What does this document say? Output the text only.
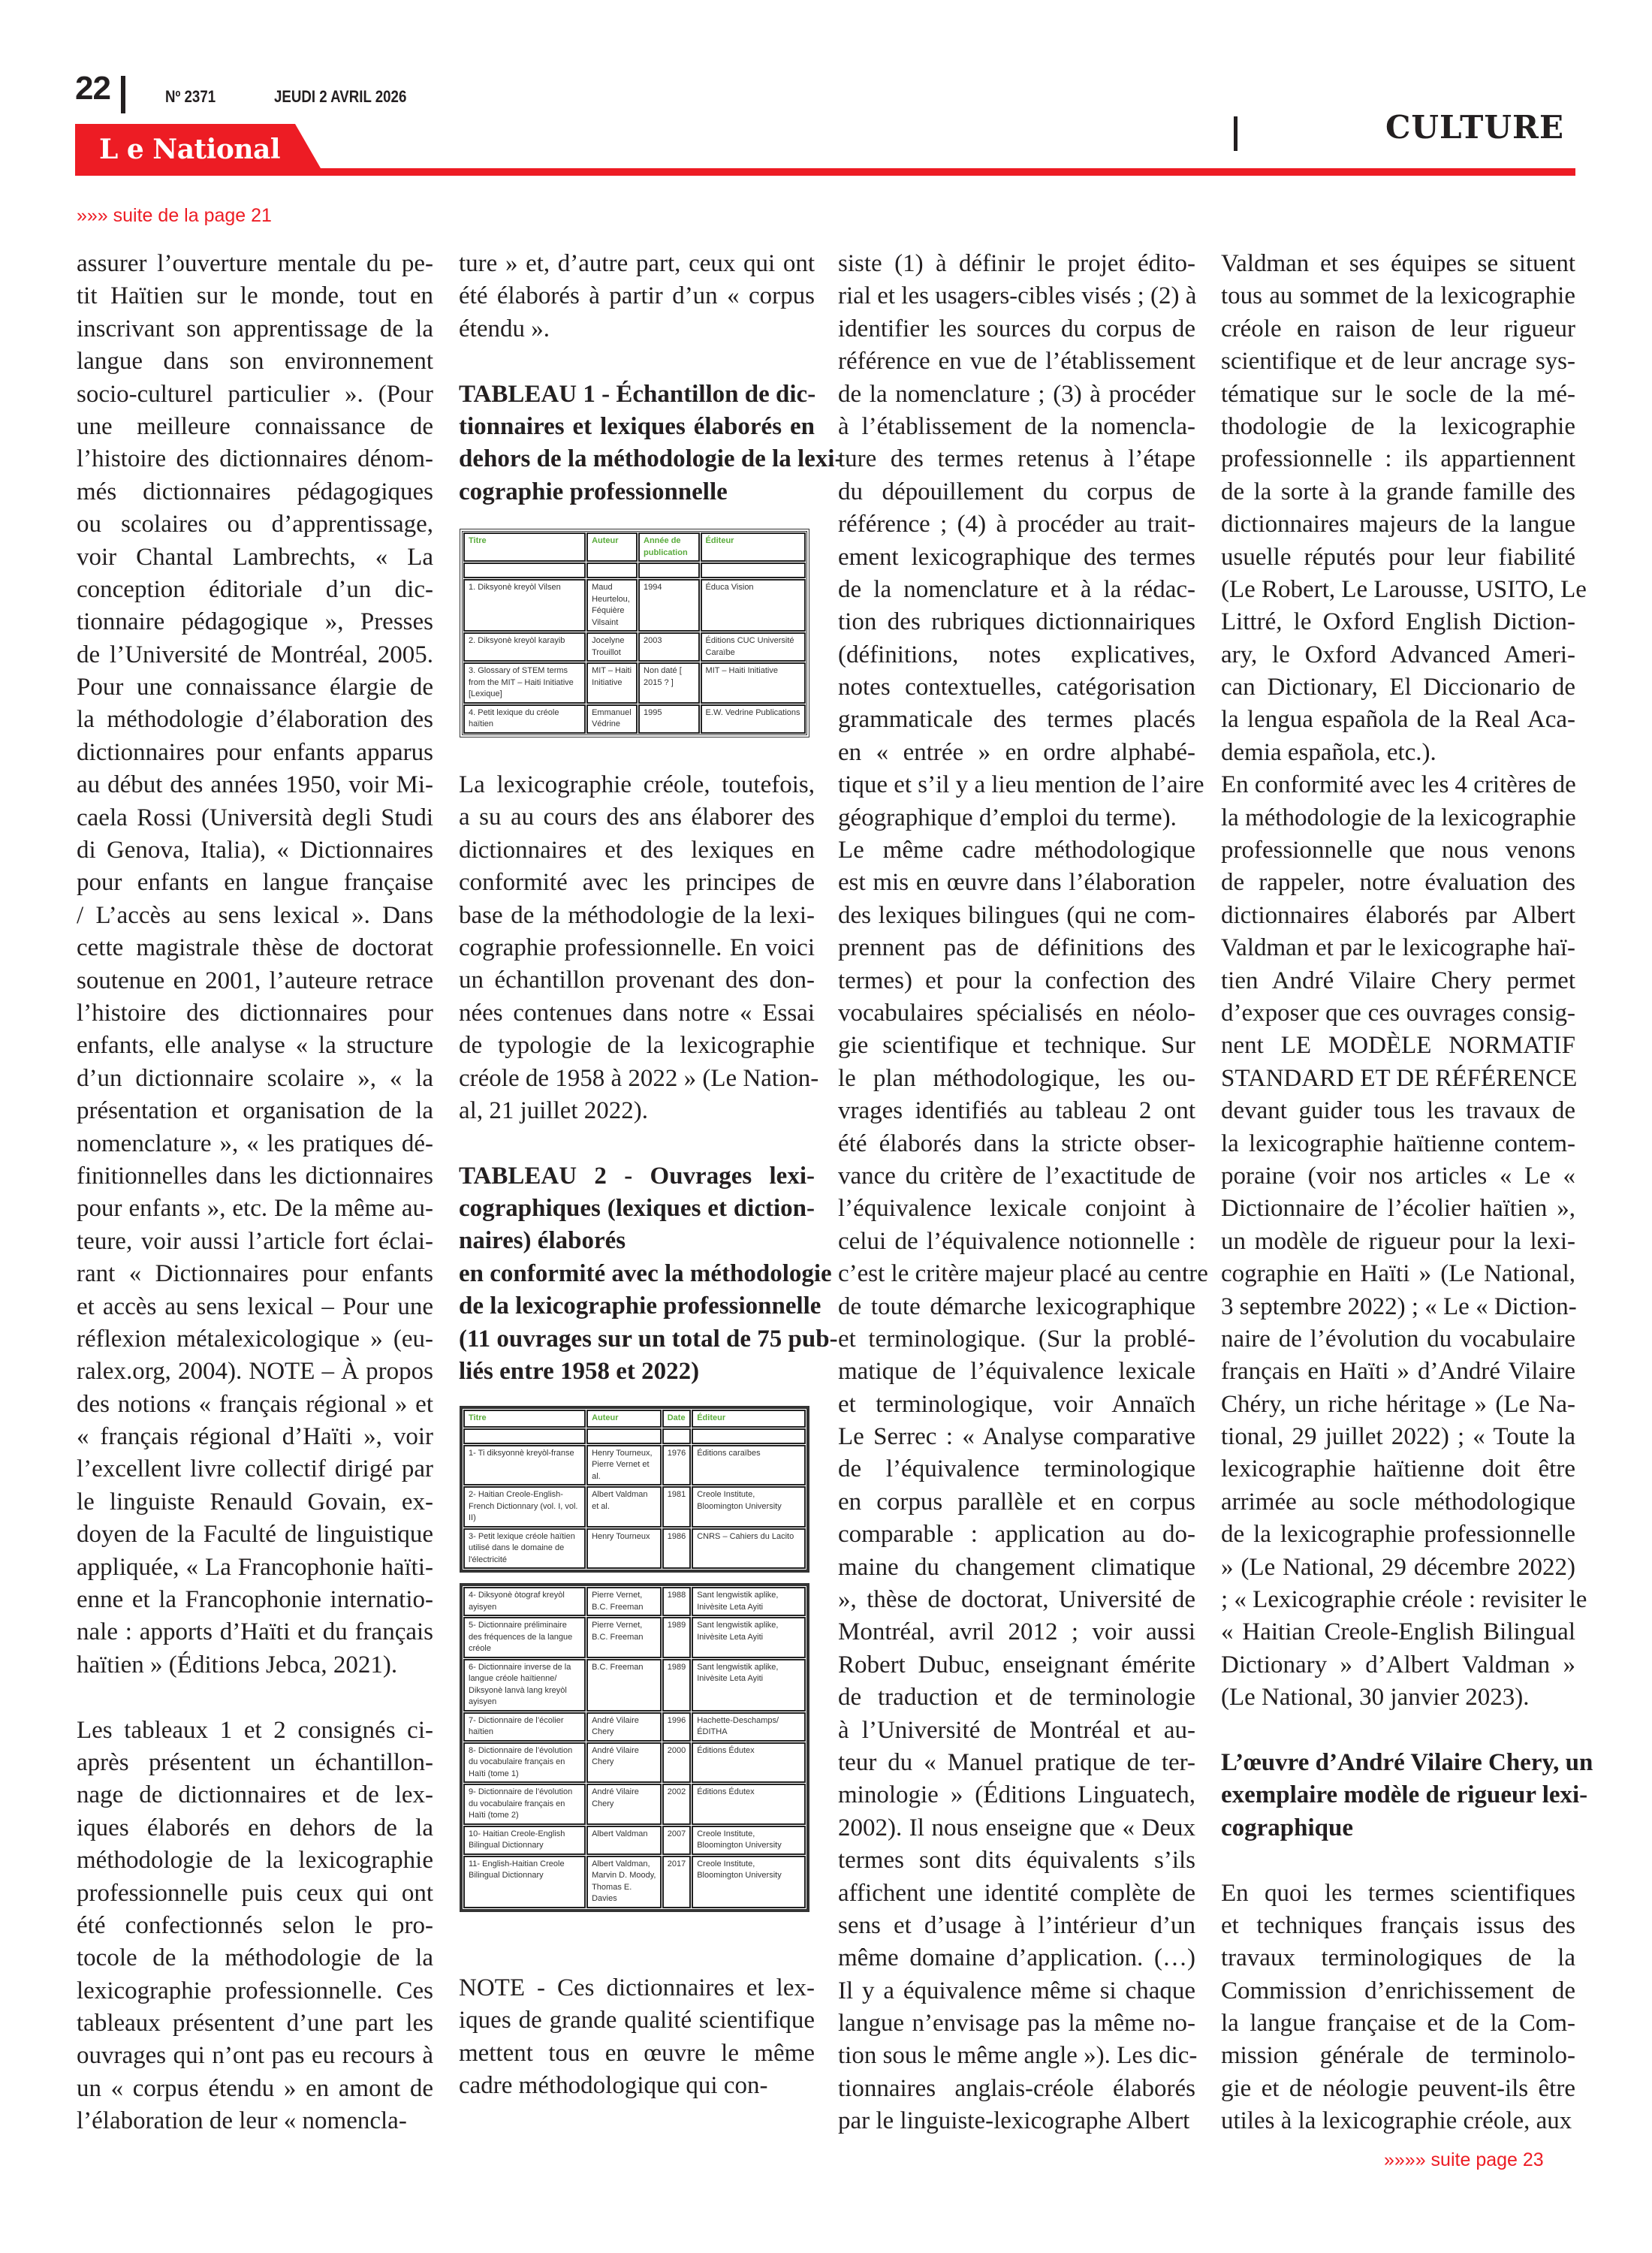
22	Nº 2371	JEUDI 2 AVRIL 2026
L e National
CULTURE
»»» suite de la page 21
assurer l’ouverture mentale du pe-
tit Haïtien sur le monde, tout en
inscrivant son apprentissage de la
langue dans son environnement
socio-culturel particulier ». (Pour
une meilleure connaissance de
l’histoire des dictionnaires dénom-
més dictionnaires pédagogiques
ou scolaires ou d’apprentissage,
voir Chantal Lambrechts, « La
conception éditoriale d’un dic-
tionnaire pédagogique », Presses
de l’Université de Montréal, 2005.
Pour une connaissance élargie de
la méthodologie d’élaboration des
dictionnaires pour enfants apparus
au début des années 1950, voir Mi-
caela Rossi (Università degli Studi
di Genova, Italia), « Dictionnaires
pour enfants en langue française
/ L’accès au sens lexical ». Dans
cette magistrale thèse de doctorat
soutenue en 2001, l’auteure retrace
l’histoire des dictionnaires pour
enfants, elle analyse « la structure
d’un dictionnaire scolaire », « la
présentation et organisation de la
nomenclature », « les pratiques dé-
finitionnelles dans les dictionnaires
pour enfants », etc. De la même au-
teure, voir aussi l’article fort éclai-
rant « Dictionnaires pour enfants
et accès au sens lexical – Pour une
réflexion métalexicologique » (eu-
ralex.org, 2004). NOTE – À propos
des notions « français régional » et
« français régional d’Haïti », voir
l’excellent livre collectif dirigé par
le linguiste Renauld Govain, ex-
doyen de la Faculté de linguistique
appliquée, « La Francophonie haïti-
enne et la Francophonie internatio-
nale : apports d’Haïti et du français
haïtien » (Éditions Jebca, 2021).
Les tableaux 1 et 2 consignés ci-
après présentent un échantillon-
nage de dictionnaires et de lex-
iques élaborés en dehors de la
méthodologie de la lexicographie
professionnelle puis ceux qui ont
été confectionnés selon le pro-
tocole de la méthodologie de la
lexicographie professionnelle. Ces
tableaux présentent d’une part les
ouvrages qui n’ont pas eu recours à
un « corpus étendu » en amont de
l’élaboration de leur « nomencla-
ture » et, d’autre part, ceux qui ont
été élaborés à partir d’un « corpus
étendu ».
TABLEAU 1 - Échantillon de dic-
tionnaires et lexiques élaborés en
dehors de la méthodologie de la lexi-
cographie professionnelle
Titre	Auteur	Année de publication	Éditeur

1. Diksyonè kreyòl Vilsen	Maud Heurtelou, Féquière Vilsaint	1994	Éduca Vision
2. Diksyonè kreyòl karayib	Jocelyne Trouillot	2003	Éditions CUC Université Caraïbe
3. Glossary of STEM terms from the MIT – Haiti Initiative [Lexique]	MIT – Haiti Initiative	Non daté [ 2015 ? ]	MIT – Haiti Initiative
4. Petit lexique du créole haïtien	Emmanuel Védrine	1995	E.W. Vedrine Publications
La lexicographie créole, toutefois,
a su au cours des ans élaborer des
dictionnaires et des lexiques en
conformité avec les principes de
base de la méthodologie de la lexi-
cographie professionnelle. En voici
un échantillon provenant des don-
nées contenues dans notre « Essai
de typologie de la lexicographie
créole de 1958 à 2022 » (Le Nation-
al, 21 juillet 2022).
TABLEAU 2 - Ouvrages lexi-
cographiques (lexiques et diction-
naires) élaborés
en conformité avec la méthodologie
de la lexicographie professionnelle
(11 ouvrages sur un total de 75 pub-
liés entre 1958 et 2022)
Titre	Auteur	Date	Éditeur

1- Ti diksyonnè kreyòl-franse	Henry Tourneux, Pierre Vernet et al.	1976	Éditions caraïbes
2- Haitian Creole-English-French Dictionnary (vol. I, vol. II)	Albert Valdman et al.	1981	Creole Institute, Bloomington University
3- Petit lexique créole haïtien utilisé dans le domaine de l'électricité	Henry Tourneux	1986	CNRS – Cahiers du Lacito
4- Diksyonè òtograf kreyòl ayisyen	Pierre Vernet, B.C. Freeman	1988	Sant lengwistik aplike, Inivèsite Leta Ayiti
5- Dictionnaire préliminaire des fréquences de la langue créole	Pierre Vernet, B.C. Freeman	1989	Sant lengwistik aplike, Inivèsite Leta Ayiti
6- Dictionnaire inverse de la langue créole haïtienne/ Diksyonè lanvà lang kreyòl ayisyen	B.C. Freeman	1989	Sant lengwistik aplike, Inivèsite Leta Ayiti
7- Dictionnaire de l’écolier haïtien	André Vilaire Chery	1996	Hachette-Deschamps/ÉDITHA
8- Dictionnaire de l’évolution du vocabulaire français en Haïti (tome 1)	André Vilaire Chery	2000	Éditions Édutex
9- Dictionnaire de l’évolution du vocabulaire français en Haïti (tome 2)	André Vilaire Chery	2002	Éditions Édutex
10- Haitian Creole-English Bilingual Dictionnary	Albert Valdman	2007	Creole Institute, Bloomington University
11- English-Haitian Creole Bilingual Dictionnary	Albert Valdman, Marvin D. Moody, Thomas E. Davies	2017	Creole Institute, Bloomington University
NOTE - Ces dictionnaires et lex-
iques de grande qualité scientifique
mettent tous en œuvre le même
cadre méthodologique qui con-
siste (1) à définir le projet édito-
rial et les usagers-cibles visés ; (2) à
identifier les sources du corpus de
référence en vue de l’établissement
de la nomenclature ; (3) à procéder
à l’établissement de la nomencla-
ture des termes retenus à l’étape
du dépouillement du corpus de
référence ; (4) à procéder au trait-
ement lexicographique des termes
de la nomenclature et à la rédac-
tion des rubriques dictionnairiques
(définitions, notes explicatives,
notes contextuelles, catégorisation
grammaticale des termes placés
en « entrée » en ordre alphabé-
tique et s’il y a lieu mention de l’aire
géographique d’emploi du terme).
Le même cadre méthodologique
est mis en œuvre dans l’élaboration
des lexiques bilingues (qui ne com-
prennent pas de définitions des
termes) et pour la confection des
vocabulaires spécialisés en néolo-
gie scientifique et technique. Sur
le plan méthodologique, les ou-
vrages identifiés au tableau 2 ont
été élaborés dans la stricte obser-
vance du critère de l’exactitude de
l’équivalence lexicale conjoint à
celui de l’équivalence notionnelle :
c’est le critère majeur placé au centre
de toute démarche lexicographique
et terminologique. (Sur la problé-
matique de l’équivalence lexicale
et terminologique, voir Annaïch
Le Serrec : « Analyse comparative
de l’équivalence terminologique
en corpus parallèle et en corpus
comparable : application au do-
maine du changement climatique
», thèse de doctorat, Université de
Montréal, avril 2012 ; voir aussi
Robert Dubuc, enseignant émérite
de traduction et de terminologie
à l’Université de Montréal et au-
teur du « Manuel pratique de ter-
minologie » (Éditions Linguatech,
2002). Il nous enseigne que « Deux
termes sont dits équivalents s’ils
affichent une identité complète de
sens et d’usage à l’intérieur d’un
même domaine d’application. (…)
Il y a équivalence même si chaque
langue n’envisage pas la même no-
tion sous le même angle »). Les dic-
tionnaires anglais-créole élaborés
par le linguiste-lexicographe Albert
Valdman et ses équipes se situent
tous au sommet de la lexicographie
créole en raison de leur rigueur
scientifique et de leur ancrage sys-
tématique sur le socle de la mé-
thodologie de la lexicographie
professionnelle : ils appartiennent
de la sorte à la grande famille des
dictionnaires majeurs de la langue
usuelle réputés pour leur fiabilité
(Le Robert, Le Larousse, USITO, Le
Littré, le Oxford English Diction-
ary, le Oxford Advanced Ameri-
can Dictionary, El Diccionario de
la lengua española de la Real Aca-
demia española, etc.).
En conformité avec les 4 critères de
la méthodologie de la lexicographie
professionnelle que nous venons
de rappeler, notre évaluation des
dictionnaires élaborés par Albert
Valdman et par le lexicographe haï-
tien André Vilaire Chery permet
d’exposer que ces ouvrages consig-
nent LE MODÈLE NORMATIF
STANDARD ET DE RÉFÉRENCE
devant guider tous les travaux de
la lexicographie haïtienne contem-
poraine (voir nos articles « Le «
Dictionnaire de l’écolier haïtien »,
un modèle de rigueur pour la lexi-
cographie en Haïti » (Le National,
3 septembre 2022) ; « Le « Diction-
naire de l’évolution du vocabulaire
français en Haïti » d’André Vilaire
Chéry, un riche héritage » (Le Na-
tional, 29 juillet 2022) ; « Toute la
lexicographie haïtienne doit être
arrimée au socle méthodologique
de la lexicographie professionnelle
» (Le National, 29 décembre 2022)
; « Lexicographie créole : revisiter le
« Haitian Creole-English Bilingual
Dictionary » d’Albert Valdman »
(Le National, 30 janvier 2023).
L’œuvre d’André Vilaire Chery, un
exemplaire modèle de rigueur lexi-
cographique
En quoi les termes scientifiques
et techniques français issus des
travaux terminologiques de la
Commission d’enrichissement de
la langue française et de la Com-
mission générale de terminolo-
gie et de néologie peuvent-ils être
utiles à la lexicographie créole, aux
»»»» suite page 23
